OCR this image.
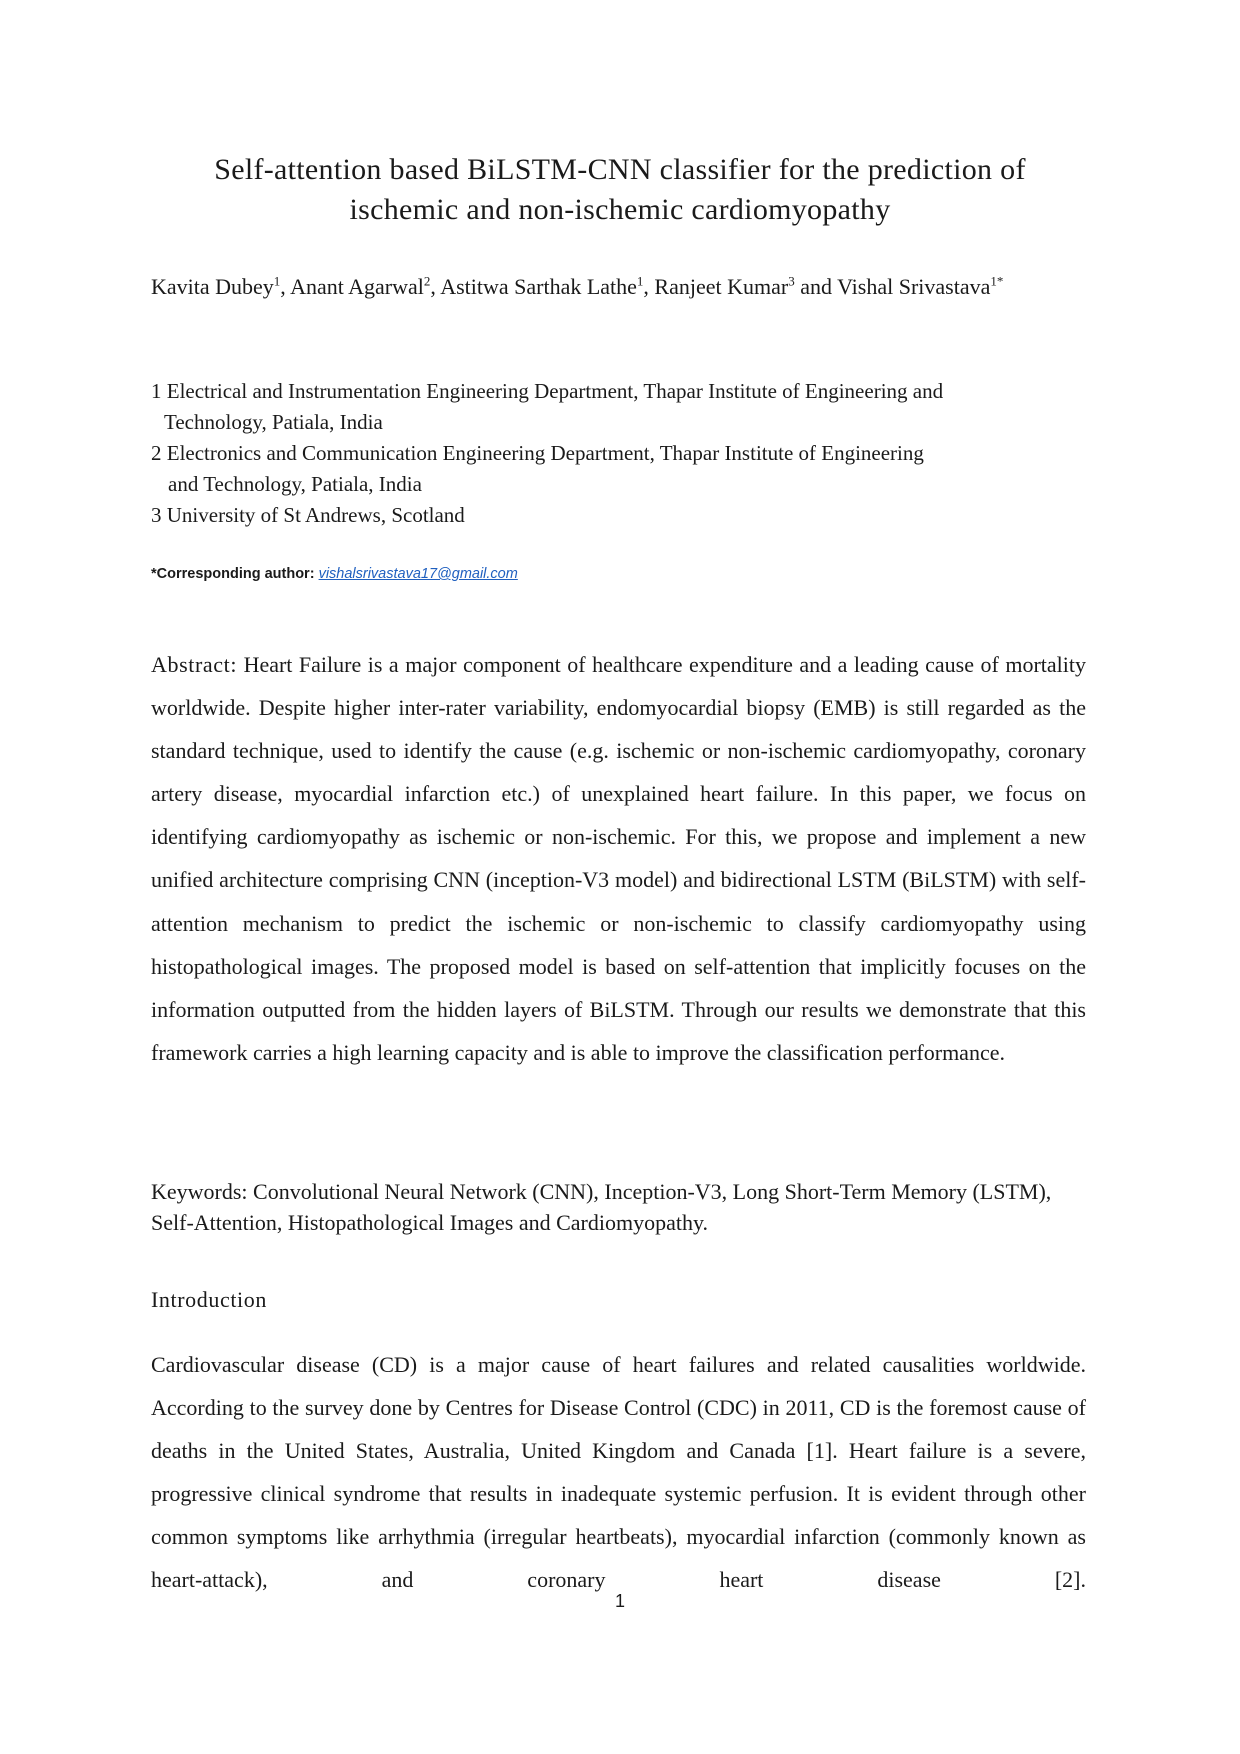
Self-attention based BiLSTM-CNN classifier for the prediction of
ischemic and non-ischemic cardiomyopathy
Kavita Dubey$^1$, Anant Agarwal$^2$, Astitwa Sarthak Lathe$^1$, Ranjeet Kumar$^3$ and Vishal Srivastava$^{1*}$
1 Electrical and Instrumentation Engineering Department, Thapar Institute of Engineering and
Technology, Patiala, India
2 Electronics and Communication Engineering Department, Thapar Institute of Engineering
and Technology, Patiala, India
3 University of St Andrews, Scotland
*Corresponding author: vishalsrivastava17@gmail.com

Abstract: Heart Failure is a major component of healthcare expenditure and a leading cause of mortality worldwide. Despite higher inter-rater variability, endomyocardial biopsy (EMB) is still regarded as the standard technique, used to identify the cause (e.g. ischemic or non-ischemic cardiomyopathy, coronary artery disease, myocardial infarction etc.) of unexplained heart failure. In this paper, we focus on identifying cardiomyopathy as ischemic or non-ischemic. For this, we propose and implement a new unified architecture comprising CNN (inception-V3 model) and bidirectional LSTM (BiLSTM) with self-attention mechanism to predict the ischemic or non-ischemic to classify cardiomyopathy using histopathological images. The proposed model is based on self-attention that implicitly focuses on the information outputted from the hidden layers of BiLSTM. Through our results we demonstrate that this framework carries a high learning capacity and is able to improve the classification performance.

Keywords: Convolutional Neural Network (CNN), Inception-V3, Long Short-Term Memory (LSTM), Self-Attention, Histopathological Images and Cardiomyopathy.

Introduction

Cardiovascular disease (CD) is a major cause of heart failures and related causalities worldwide. According to the survey done by Centres for Disease Control (CDC) in 2011, CD is the foremost cause of deaths in the United States, Australia, United Kingdom and Canada [1]. Heart failure is a severe, progressive clinical syndrome that results in inadequate systemic perfusion. It is evident through other common symptoms like arrhythmia (irregular heartbeats), myocardial infarction (commonly known as heart-attack), and coronary heart disease [2].

1
